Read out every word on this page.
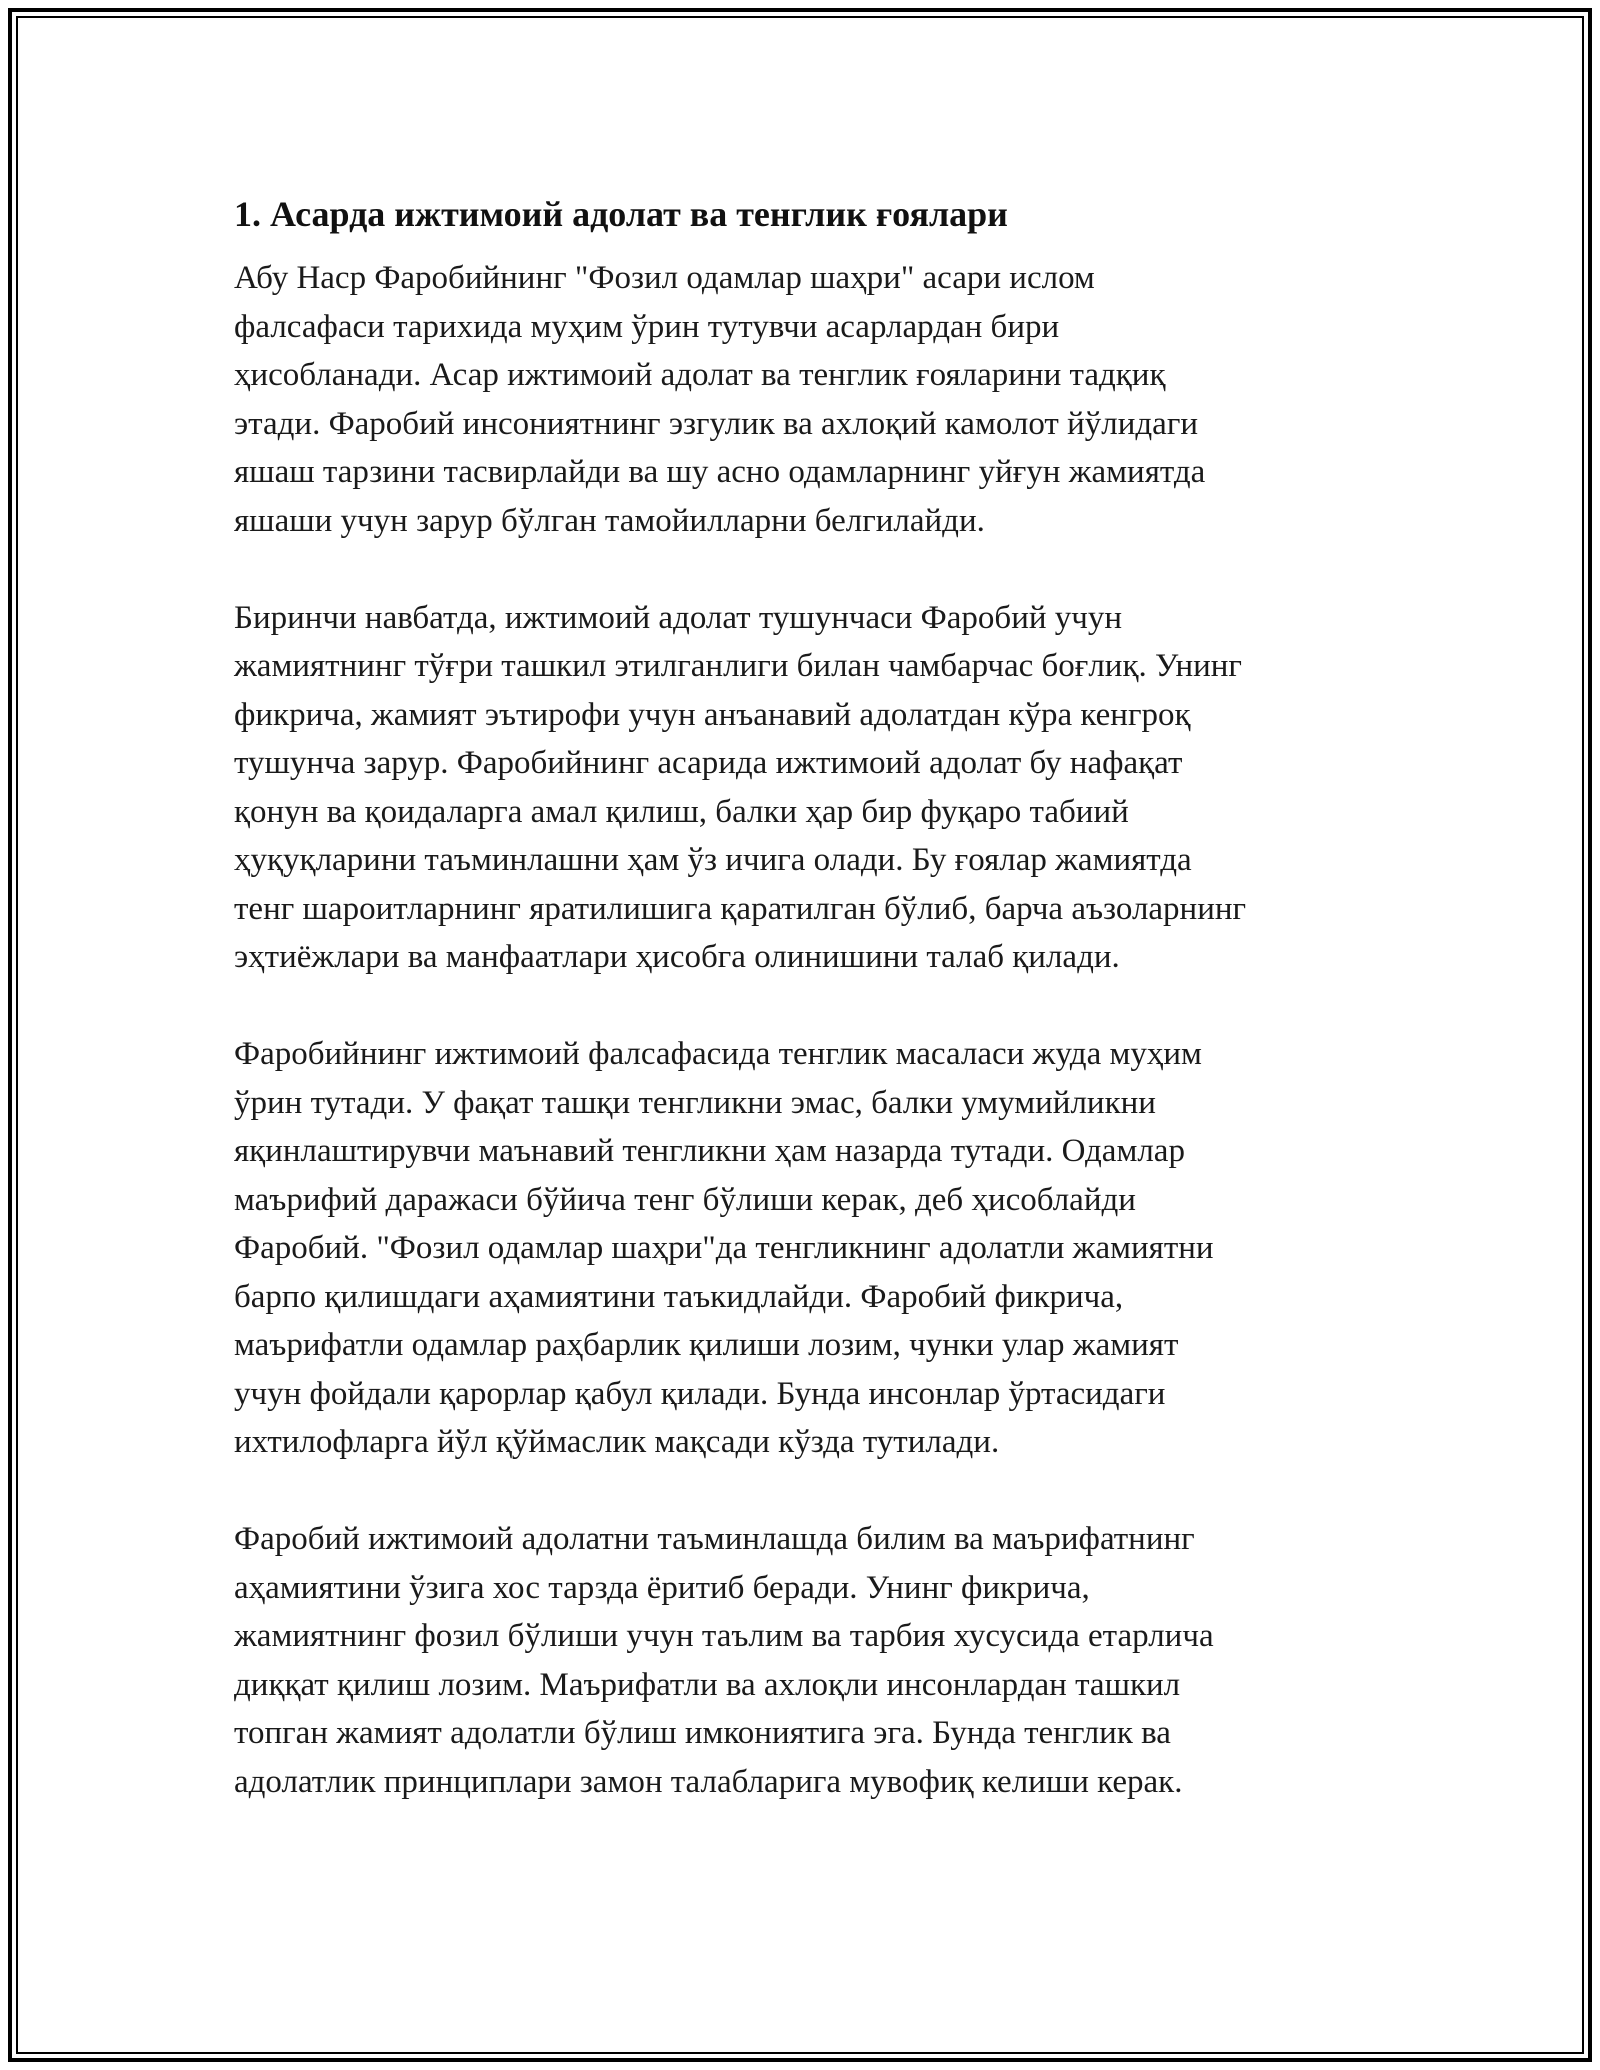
1. Асарда ижтимоий адолат ва тенглик ғоялари

Абу Наср Фаробийнинг "Фозил одамлар шаҳри" асари ислом
фалсафаси тарихида муҳим ўрин тутувчи асарлардан бири
ҳисобланади. Асар ижтимоий адолат ва тенглик ғояларини тадқиқ
этади. Фаробий инсониятнинг эзгулик ва ахлоқий камолот йўлидаги
яшаш тарзини тасвирлайди ва шу асно одамларнинг уйғун жамиятда
яшаши учун зарур бўлган тамойилларни белгилайди.

Биринчи навбатда, ижтимоий адолат тушунчаси Фаробий учун
жамиятнинг тўғри ташкил этилганлиги билан чамбарчас боғлиқ. Унинг
фикрича, жамият эътирофи учун анъанавий адолатдан кўра кенгроқ
тушунча зарур. Фаробийнинг асарида ижтимоий адолат бу нафақат
қонун ва қоидаларга амал қилиш, балки ҳар бир фуқаро табиий
ҳуқуқларини таъминлашни ҳам ўз ичига олади. Бу ғоялар жамиятда
тенг шароитларнинг яратилишига қаратилган бўлиб, барча аъзоларнинг
эҳтиёжлари ва манфаатлари ҳисобга олинишини талаб қилади.

Фаробийнинг ижтимоий фалсафасида тенглик масаласи жуда муҳим
ўрин тутади. У фақат ташқи тенгликни эмас, балки умумийликни
яқинлаштирувчи маънавий тенгликни ҳам назарда тутади. Одамлар
маърифий даражаси бўйича тенг бўлиши керак, деб ҳисоблайди
Фаробий. "Фозил одамлар шаҳри"да тенгликнинг адолатли жамиятни
барпо қилишдаги аҳамиятини таъкидлайди. Фаробий фикрича,
маърифатли одамлар раҳбарлик қилиши лозим, чунки улар жамият
учун фойдали қарорлар қабул қилади. Бунда инсонлар ўртасидаги
ихтилофларга йўл қўймаслик мақсади кўзда тутилади.

Фаробий ижтимоий адолатни таъминлашда билим ва маърифатнинг
аҳамиятини ўзига хос тарзда ёритиб беради. Унинг фикрича,
жамиятнинг фозил бўлиши учун таълим ва тарбия хусусида етарлича
диққат қилиш лозим. Маърифатли ва ахлоқли инсонлардан ташкил
топган жамият адолатли бўлиш имкониятига эга. Бунда тенглик ва
адолатлик принциплари замон талабларига мувофиқ келиши керак.
